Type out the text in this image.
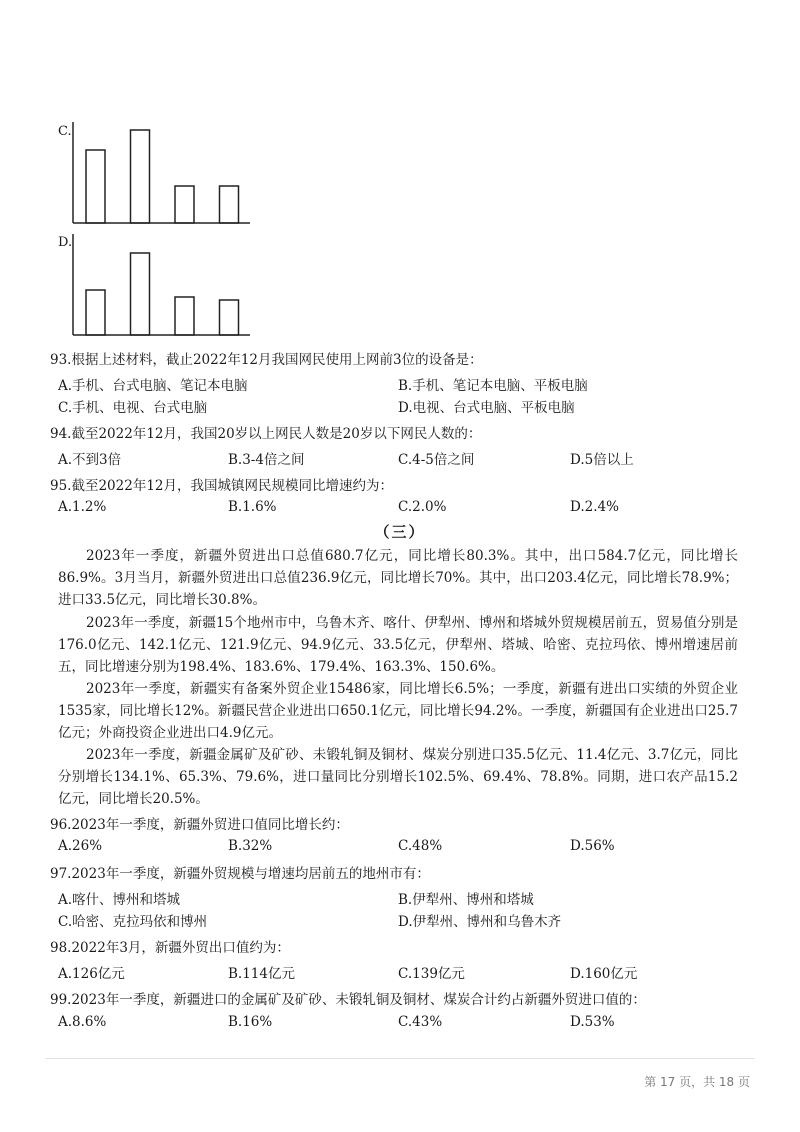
C.
D.
93.根据上述材料，截止2022年12月我国网民使用上网前3位的设备是：
A.手机、台式电脑、笔记本电脑	B.手机、笔记本电脑、平板电脑
C.手机、电视、台式电脑	D.电视、台式电脑、平板电脑
94.截至2022年12月，我国20岁以上网民人数是20岁以下网民人数的：
A.不到3倍	B.3-4倍之间	C.4-5倍之间	D.5倍以上
95.截至2022年12月，我国城镇网民规模同比增速约为：
A.1.2%	B.1.6%	C.2.0%	D.2.4%
（三）
2023年一季度，新疆外贸进出口总值680.7亿元，同比增长80.3%。其中，出口584.7亿元，同比增长86.9%。3月当月，新疆外贸进出口总值236.9亿元，同比增长70%。其中，出口203.4亿元，同比增长78.9%；进口33.5亿元，同比增长30.8%。
2023年一季度，新疆15个地州市中，乌鲁木齐、喀什、伊犁州、博州和塔城外贸规模居前五，贸易值分别是176.0亿元、142.1亿元、121.9亿元、94.9亿元、33.5亿元，伊犁州、塔城、哈密、克拉玛依、博州增速居前五，同比增速分别为198.4%、183.6%、179.4%、163.3%、150.6%。
2023年一季度，新疆实有备案外贸企业15486家，同比增长6.5%；一季度，新疆有进出口实绩的外贸企业1535家，同比增长12%。新疆民营企业进出口650.1亿元，同比增长94.2%。一季度，新疆国有企业进出口25.7亿元；外商投资企业进出口4.9亿元。
2023年一季度，新疆金属矿及矿砂、未锻轧铜及铜材、煤炭分别进口35.5亿元、11.4亿元、3.7亿元，同比分别增长134.1%、65.3%、79.6%，进口量同比分别增长102.5%、69.4%、78.8%。同期，进口农产品15.2亿元，同比增长20.5%。
96.2023年一季度，新疆外贸进口值同比增长约：
A.26%	B.32%	C.48%	D.56%
97.2023年一季度，新疆外贸规模与增速均居前五的地州市有：
A.喀什、博州和塔城	B.伊犁州、博州和塔城
C.哈密、克拉玛依和博州	D.伊犁州、博州和乌鲁木齐
98.2022年3月，新疆外贸出口值约为：
A.126亿元	B.114亿元	C.139亿元	D.160亿元
99.2023年一季度，新疆进口的金属矿及矿砂、未锻轧铜及铜材、煤炭合计约占新疆外贸进口值的：
A.8.6%	B.16%	C.43%	D.53%
第 17 页，共 18 页
